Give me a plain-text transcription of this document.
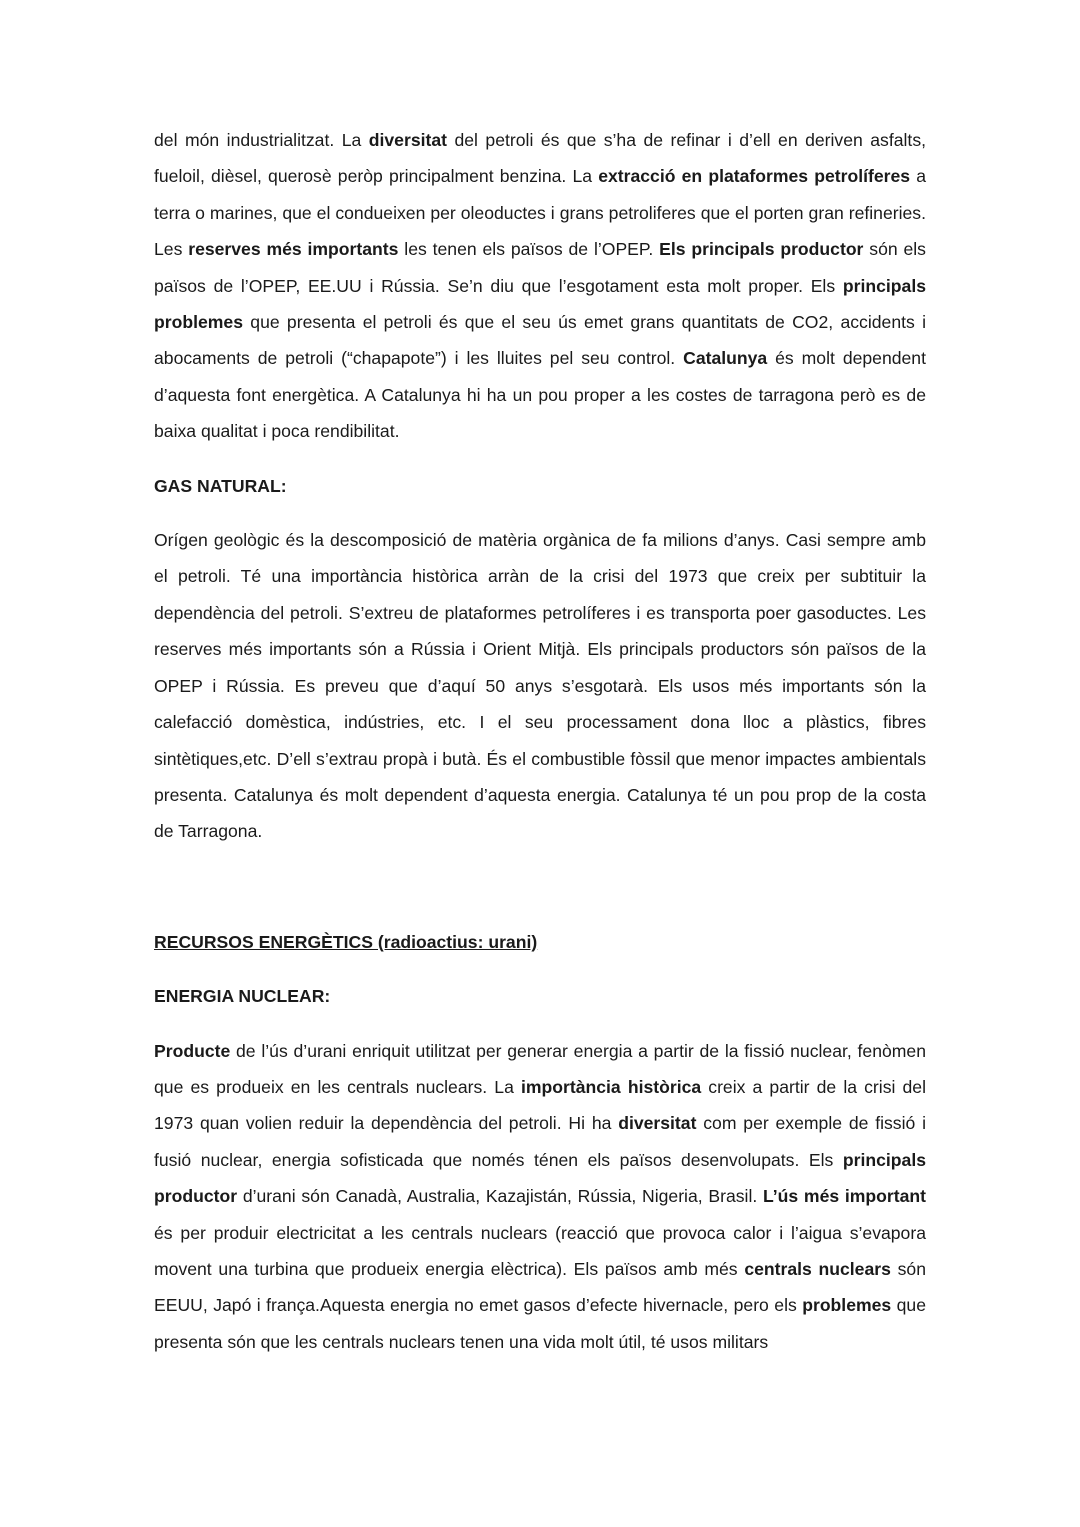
del món industrialitzat. La diversitat del petroli és que s’ha de refinar i d’ell en deriven asfalts, fueloil, dièsel, querosè peròp principalment benzina. La extracció en plataformes petrolíferes a terra o marines, que el condueixen per oleoductes i grans petroliferes que el porten gran refineries. Les reserves més importants les tenen els països de l’OPEP. Els principals productor són els països de l’OPEP, EE.UU i Rússia. Se’n diu que l’esgotament esta molt proper. Els principals problemes que presenta el petroli és que el seu ús emet grans quantitats de CO2, accidents i abocaments de petroli (“chapapote”) i les lluites pel seu control. Catalunya és molt dependent d’aquesta font energètica. A Catalunya hi ha un pou proper a les costes de tarragona però es de baixa qualitat i poca rendibilitat.

GAS NATURAL:

Orígen geològic és la descomposició de matèria orgànica de fa milions d’anys. Casi sempre amb el petroli. Té una importància històrica arràn de la crisi del 1973 que creix per subtituir la dependència del petroli. S’extreu de plataformes petrolíferes i es transporta poer gasoductes. Les reserves més importants són a Rússia i Orient Mitjà. Els principals productors són països de la OPEP i Rússia. Es preveu que d’aquí 50 anys s’esgotarà. Els usos més importants són la calefacció domèstica, indústries, etc. I el seu processament dona lloc a plàstics, fibres sintètiques,etc. D’ell s’extrau propà i butà. És el combustible fòssil que menor impactes ambientals presenta. Catalunya és molt dependent d’aquesta energia. Catalunya té un pou prop de la costa de Tarragona.

RECURSOS ENERGÈTICS (radioactius: urani)

ENERGIA NUCLEAR:

Producte de l’ús d’urani enriquit utilitzat per generar energia a partir de la fissió nuclear, fenòmen que es produeix en les centrals nuclears. La importància històrica creix a partir de la crisi del 1973 quan volien reduir la dependència del petroli. Hi ha diversitat com per exemple de fissió i fusió nuclear, energia sofisticada que només ténen els països desenvolupats. Els principals productor d’urani són Canadà, Australia, Kazajistán, Rússia, Nigeria, Brasil. L’ús més important és per produir electricitat a les centrals nuclears (reacció que provoca calor i l’aigua s’evapora movent una turbina que produeix energia elèctrica). Els països amb més centrals nuclears són EEUU, Japó i frança.Aquesta energia no emet gasos d’efecte hivernacle, pero els problemes que presenta són que les centrals nuclears tenen una vida molt útil, té usos militars
